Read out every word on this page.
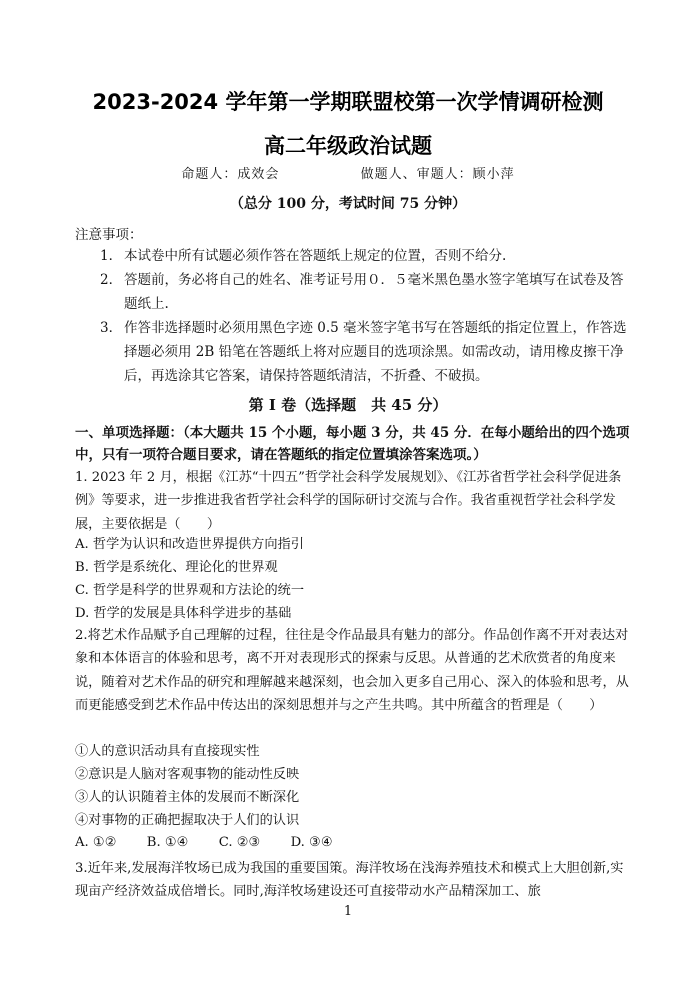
2023-2024 学年第一学期联盟校第一次学情调研检测
高二年级政治试题
命题人：成效会	做题人、审题人：顾小萍
（总分 100 分，考试时间 75 分钟）
注意事项：
1． 本试卷中所有试题必须作答在答题纸上规定的位置，否则不给分.
2． 答题前，务必将自己的姓名、准考证号用０．５毫米黑色墨水签字笔填写在试卷及答题纸上.
3． 作答非选择题时必须用黑色字迹 0.5 毫米签字笔书写在答题纸的指定位置上，作答选择题必须用 2B 铅笔在答题纸上将对应题目的选项涂黑。如需改动，请用橡皮擦干净后，再选涂其它答案，请保持答题纸清洁，不折叠、不破损。
第 I 卷（选择题　共 45 分）
一、单项选择题：（本大题共 15 个小题，每小题 3 分，共 45 分．在每小题给出的四个选项中，只有一项符合题目要求，请在答题纸的指定位置填涂答案选项。）
1. 2023 年 2 月，根据《江苏“十四五”哲学社会科学发展规划》、《江苏省哲学社会科学促进条例》等要求，进一步推进我省哲学社会科学的国际研讨交流与合作。我省重视哲学社会科学发展，主要依据是（　　）
A. 哲学为认识和改造世界提供方向指引
B. 哲学是系统化、理论化的世界观
C. 哲学是科学的世界观和方法论的统一
D. 哲学的发展是具体科学进步的基础
2.将艺术作品赋予自己理解的过程，往往是令作品最具有魅力的部分。作品创作离不开对表达对象和本体语言的体验和思考，离不开对表现形式的探索与反思。从普通的艺术欣赏者的角度来说，随着对艺术作品的研究和理解越来越深刻，也会加入更多自己用心、深入的体验和思考，从而更能感受到艺术作品中传达出的深刻思想并与之产生共鸣。其中所蕴含的哲理是（　　）
①人的意识活动具有直接现实性
②意识是人脑对客观事物的能动性反映
③人的认识随着主体的发展而不断深化
④对事物的正确把握取决于人们的认识
A. ①② B. ①④ C. ②③ D. ③④
3.近年来,发展海洋牧场已成为我国的重要国策。海洋牧场在浅海养殖技术和模式上大胆创新,实现亩产经济效益成倍增长。同时,海洋牧场建设还可直接带动水产品精深加工、旅
1
